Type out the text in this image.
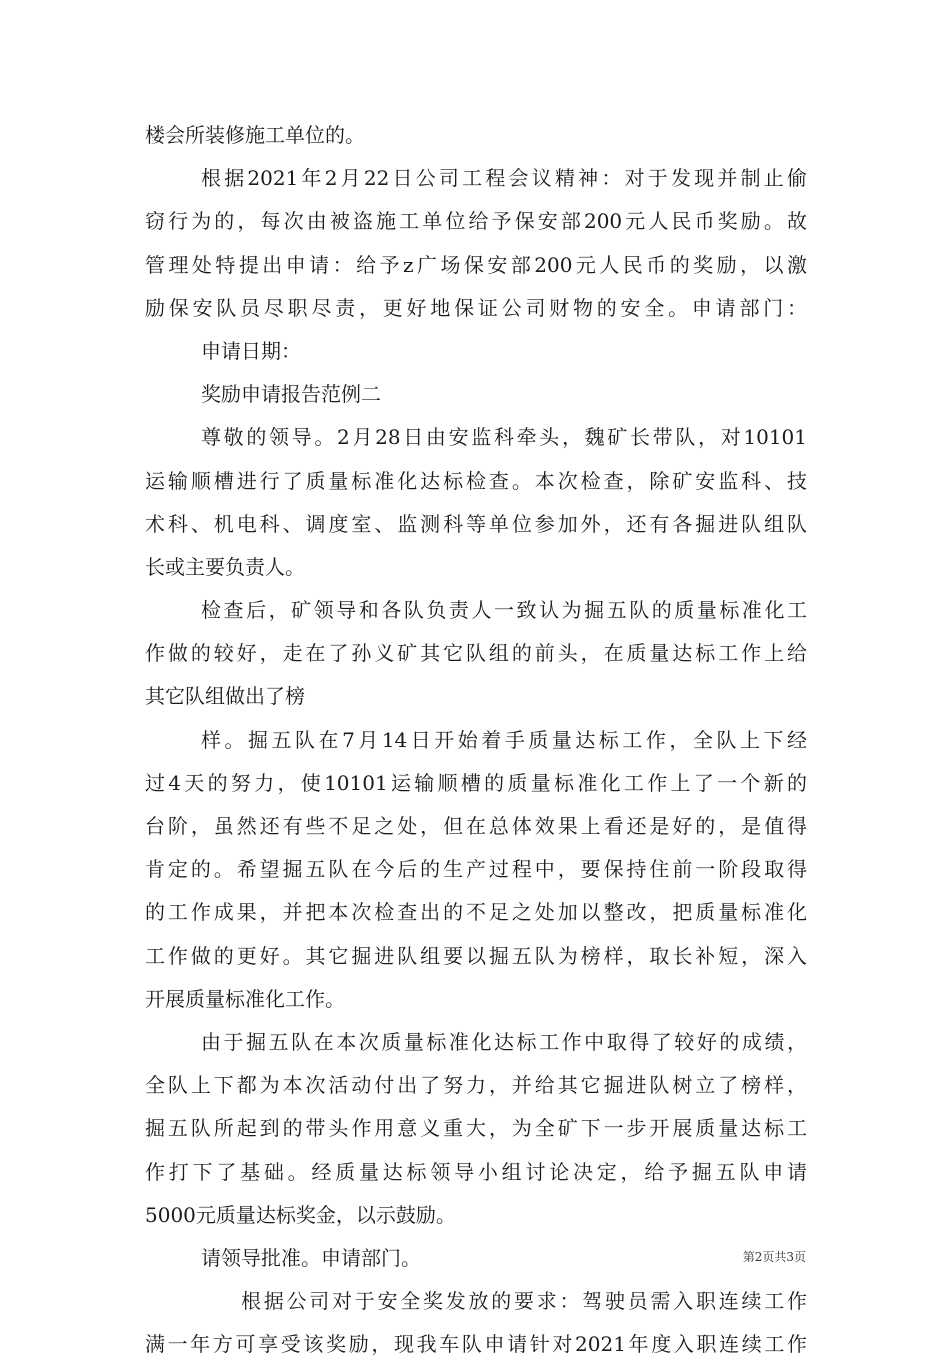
楼会所装修施工单位的。
根据2021年2月22日公司工程会议精神：对于发现并制止偷
窃行为的，每次由被盗施工单位给予保安部200元人民币奖励。故
管理处特提出申请：给予z广场保安部200元人民币的奖励，以激
励保安队员尽职尽责，更好地保证公司财物的安全。申请部门：
申请日期：
奖励申请报告范例二
尊敬的领导。2月28日由安监科牵头，魏矿长带队，对10101
运输顺槽进行了质量标准化达标检查。本次检查，除矿安监科、技
术科、机电科、调度室、监测科等单位参加外，还有各掘进队组队
长或主要负责人。
检查后，矿领导和各队负责人一致认为掘五队的质量标准化工
作做的较好，走在了孙义矿其它队组的前头，在质量达标工作上给
其它队组做出了榜
样。掘五队在7月14日开始着手质量达标工作，全队上下经
过4天的努力，使10101运输顺槽的质量标准化工作上了一个新的
台阶，虽然还有些不足之处，但在总体效果上看还是好的，是值得
肯定的。希望掘五队在今后的生产过程中，要保持住前一阶段取得
的工作成果，并把本次检查出的不足之处加以整改，把质量标准化
工作做的更好。其它掘进队组要以掘五队为榜样，取长补短，深入
开展质量标准化工作。
由于掘五队在本次质量标准化达标工作中取得了较好的成绩，
全队上下都为本次活动付出了努力，并给其它掘进队树立了榜样，
掘五队所起到的带头作用意义重大，为全矿下一步开展质量达标工
作打下了基础。经质量达标领导小组讨论决定，给予掘五队申请
5000元质量达标奖金，以示鼓励。
请领导批准。申请部门。
根据公司对于安全奖发放的要求：驾驶员需入职连续工作
满一年方可享受该奖励，现我车队申请针对2021年度入职连续工作
第2页共3页
